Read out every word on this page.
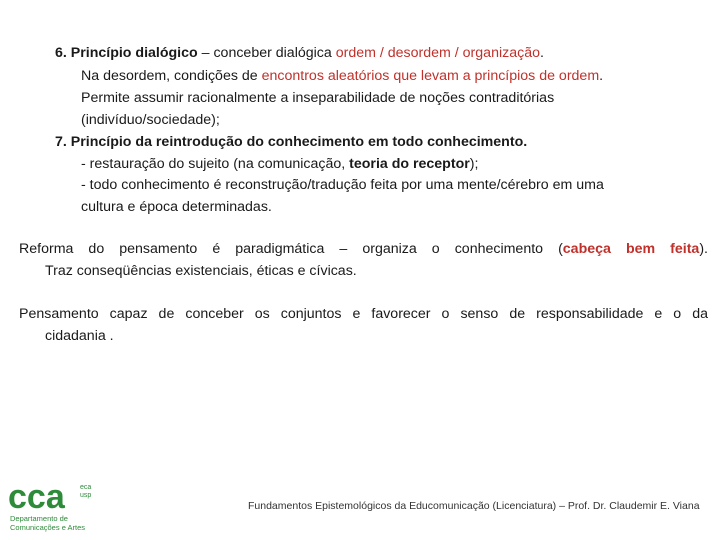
6. Princípio dialógico – conceber dialógica ordem / desordem / organização.
Na desordem, condições de encontros aleatórios que levam a princípios de ordem.
Permite assumir racionalmente a inseparabilidade de noções contraditórias
(indivíduo/sociedade);
7. Princípio da reintrodução do conhecimento em todo conhecimento.
- restauração do sujeito (na comunicação, teoria do receptor);
- todo conhecimento é reconstrução/tradução feita por uma mente/cérebro em uma
cultura e época determinadas.
Reforma do pensamento é paradigmática – organiza o conhecimento (cabeça bem feita).
Traz conseqüências existenciais, éticas e cívicas.
Pensamento capaz de conceber os conjuntos e favorecer o senso de responsabilidade e o da
cidadania .
cca eca
usp
Departamento de
Comunicações e Artes
Fundamentos Epistemológicos da Educomunicação (Licenciatura) – Prof. Dr. Claudemir E. Viana
